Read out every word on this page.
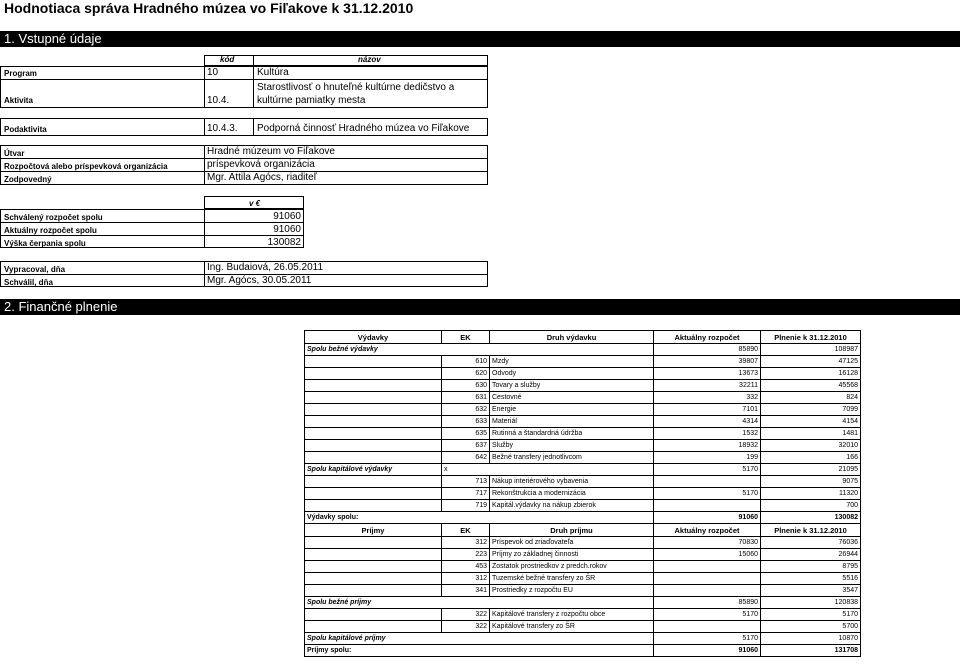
Hodnotiaca správa Hradného múzea vo Fiľakove k 31.12.2010
1. Vstupné údaje
kód	názov
Program	10	Kultúra
Aktivita	10.4.
Starostlivosť o hnuteľné kultúrne dedičstvo a
kultúrne pamiatky mesta
Podaktivita	10.4.3. Podporná činnosť Hradného múzea vo Fiľakove
Útvar	Hradné múzeum vo Fiľakove
Rozpočtová alebo príspevková organizácia	príspevková organizácia
Zodpovedný	Mgr. Attila Agócs, riaditeľ
v €
Schválený rozpočet spolu	91060
Aktuálny rozpočet spolu	91060
Výška čerpania spolu	130082
Vypracoval, dňa	Ing. Budaiová, 26.05.2011
Schválil, dňa	Mgr. Agócs, 30.05.2011
2. Finančné plnenie
Výdavky	EK	Druh výdavku	Aktuálny rozpočet	Plnenie k 31.12.2010
Spolu bežné výdavky			85890	108987
	610	Mzdy	39807	47125
	620	Odvody	13673	16128
	630	Tovary a služby	32211	45568
	631	Cestovné	332	824
	632	Energie	7101	7099
	633	Materiál	4314	4154
	635	Rutinná a štandardná údržba	1532	1481
	637	Služby	18932	32010
	642	Bežné transfery jednotlivcom	199	166
Spolu kapitálové výdavky	x		5170	21095
	713	Nákup interiérového vybavenia		9075
	717	Rekonštrukcia a modernizácia	5170	11320
	719	Kapitál.výdavky na nákup zbierok		700
Výdavky spolu:			91060	130082
Príjmy	EK	Druh príjmu	Aktuálny rozpočet	Plnenie k 31.12.2010
	312	Príspevok od zriaďovateľa	70830	76036
	223	Príjmy zo základnej činnosti	15060	26944
	453	Zostatok prostriedkov z predch.rokov		8795
	312	Tuzemské bežné transfery zo ŠR		5516
	341	Prostriedky z rozpočtu EU		3547
Spolu bežné príjmy			85890	120838
	322	Kapitálové transfery z rozpočtu obce	5170	5170
	322	Kapitálové transfery zo ŠR		5700
Spolu kapitálové príjmy			5170	10870
Príjmy spolu:			91060	131708
